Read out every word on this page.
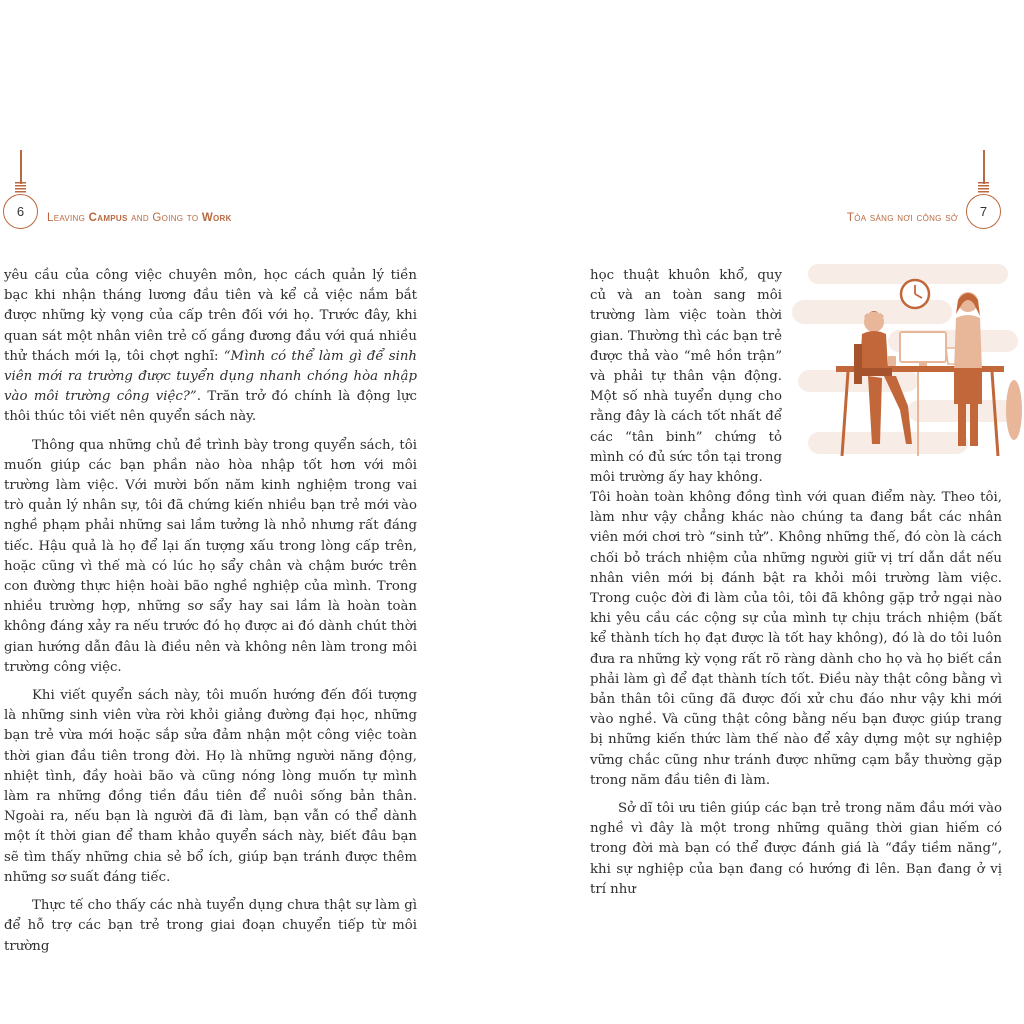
6	Leaving Campus and Going to Work

yêu cầu của công việc chuyên môn, học cách quản lý tiền bạc khi nhận tháng lương đầu tiên và kể cả việc nắm bắt được những kỳ vọng của cấp trên đối với họ. Trước đây, khi quan sát một nhân viên trẻ cố gắng đương đầu với quá nhiều thử thách mới lạ, tôi chợt nghĩ: “Mình có thể làm gì để sinh viên mới ra trường được tuyển dụng nhanh chóng hòa nhập vào môi trường công việc?”. Trăn trở đó chính là động lực thôi thúc tôi viết nên quyển sách này.

Thông qua những chủ đề trình bày trong quyển sách, tôi muốn giúp các bạn phần nào hòa nhập tốt hơn với môi trường làm việc. Với mười bốn năm kinh nghiệm trong vai trò quản lý nhân sự, tôi đã chứng kiến nhiều bạn trẻ mới vào nghề phạm phải những sai lầm tưởng là nhỏ nhưng rất đáng tiếc. Hậu quả là họ để lại ấn tượng xấu trong lòng cấp trên, hoặc cũng vì thế mà có lúc họ sẩy chân và chậm bước trên con đường thực hiện hoài bão nghề nghiệp của mình. Trong nhiều trường hợp, những sơ sẩy hay sai lầm là hoàn toàn không đáng xảy ra nếu trước đó họ được ai đó dành chút thời gian hướng dẫn đâu là điều nên và không nên làm trong môi trường công việc.

Khi viết quyển sách này, tôi muốn hướng đến đối tượng là những sinh viên vừa rời khỏi giảng đường đại học, những bạn trẻ vừa mới hoặc sắp sửa đảm nhận một công việc toàn thời gian đầu tiên trong đời. Họ là những người năng động, nhiệt tình, đầy hoài bão và cũng nóng lòng muốn tự mình làm ra những đồng tiền đầu tiên để nuôi sống bản thân. Ngoài ra, nếu bạn là người đã đi làm, bạn vẫn có thể dành một ít thời gian để tham khảo quyển sách này, biết đâu bạn sẽ tìm thấy những chia sẻ bổ ích, giúp bạn tránh được thêm những sơ suất đáng tiếc.

Thực tế cho thấy các nhà tuyển dụng chưa thật sự làm gì để hỗ trợ các bạn trẻ trong giai đoạn chuyển tiếp từ môi trường

7
Tỏa sáng nơi công sở
học thuật khuôn khổ, quy củ và an toàn sang môi trường làm việc toàn thời gian. Thường thì các bạn trẻ được thả vào “mê hồn trận” và phải tự thân vận động. Một số nhà tuyển dụng cho rằng đây là cách tốt nhất để các “tân binh” chứng tỏ mình có đủ sức tồn tại trong môi trường ấy hay không.

Tôi hoàn toàn không đồng tình với quan điểm này. Theo tôi, làm như vậy chẳng khác nào chúng ta đang bắt các nhân viên mới chơi trò “sinh tử”. Không những thế, đó còn là cách chối bỏ trách nhiệm của những người giữ vị trí dẫn dắt nếu nhân viên mới bị đánh bật ra khỏi môi trường làm việc. Trong cuộc đời đi làm của tôi, tôi đã không gặp trở ngại nào khi yêu cầu các cộng sự của mình tự chịu trách nhiệm (bất kể thành tích họ đạt được là tốt hay không), đó là do tôi luôn đưa ra những kỳ vọng rất rõ ràng dành cho họ và họ biết cần phải làm gì để đạt thành tích tốt. Điều này thật công bằng vì bản thân tôi cũng đã được đối xử chu đáo như vậy khi mới vào nghề. Và cũng thật công bằng nếu bạn được giúp trang bị những kiến thức làm thế nào để xây dựng một sự nghiệp vững chắc cũng như tránh được những cạm bẫy thường gặp trong năm đầu tiên đi làm.

Sở dĩ tôi ưu tiên giúp các bạn trẻ trong năm đầu mới vào nghề vì đây là một trong những quãng thời gian hiếm có trong đời mà bạn có thể được đánh giá là “đầy tiềm năng”, khi sự nghiệp của bạn đang có hướng đi lên. Bạn đang ở vị trí như
